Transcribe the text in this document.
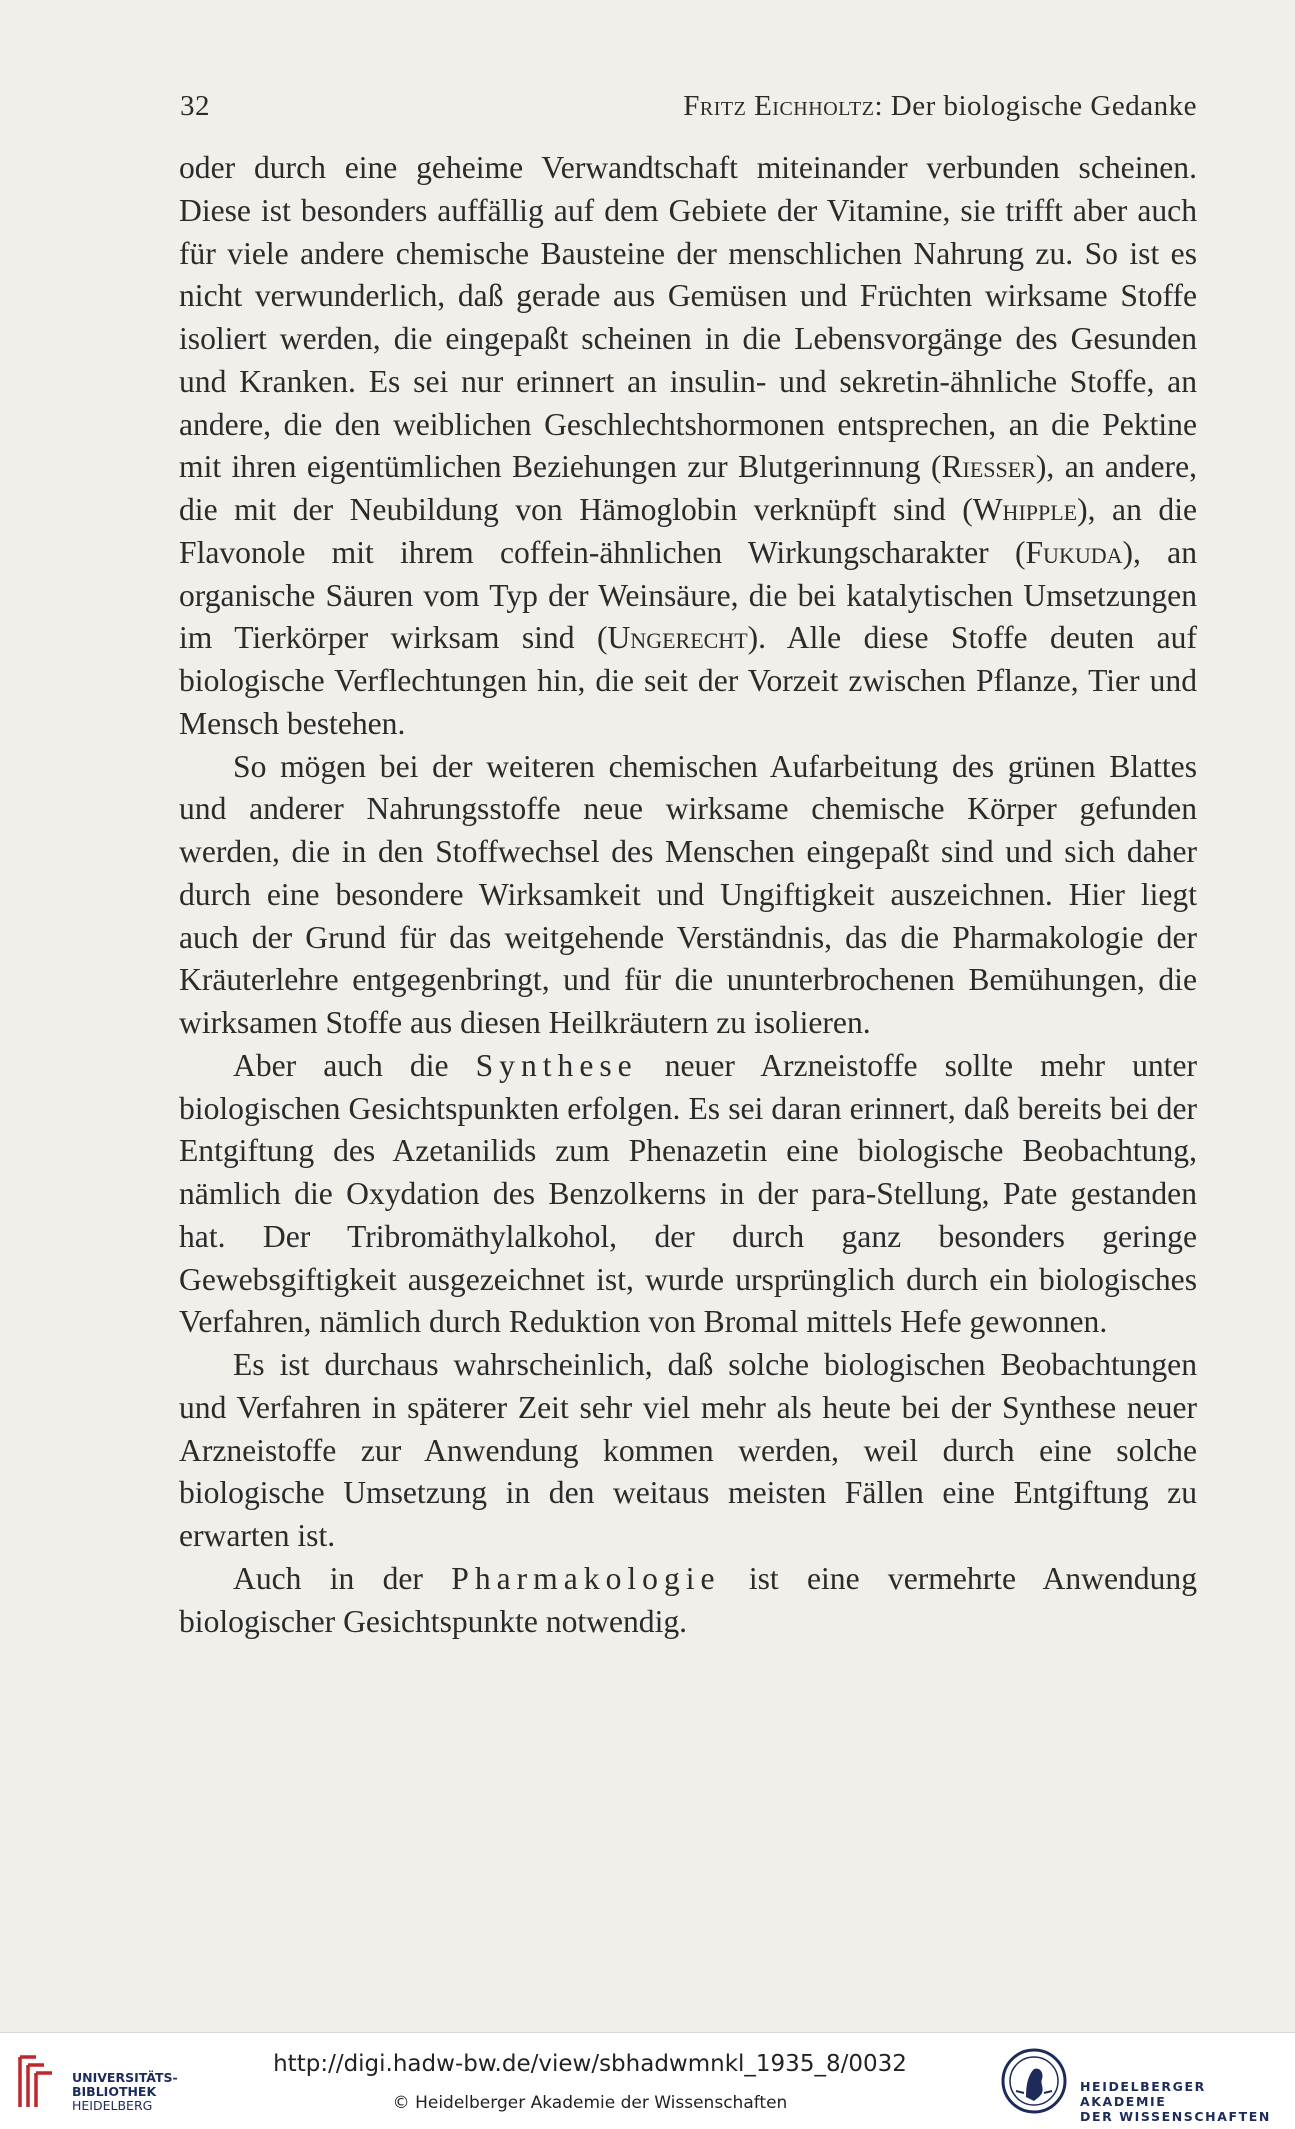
32	Fritz Eichholtz: Der biologische Gedanke

oder durch eine geheime Verwandtschaft miteinander verbunden scheinen. Diese ist besonders auffällig auf dem Gebiete der Vitamine, sie trifft aber auch für viele andere chemische Bausteine der menschlichen Nahrung zu. So ist es nicht verwunderlich, daß gerade aus Gemüsen und Früchten wirksame Stoffe isoliert werden, die eingepaßt scheinen in die Lebensvorgänge des Gesunden und Kranken. Es sei nur erinnert an insulin- und sekretin-ähnliche Stoffe, an andere, die den weiblichen Geschlechtshormonen entsprechen, an die Pektine mit ihren eigentümlichen Beziehungen zur Blutgerinnung (Riesser), an andere, die mit der Neubildung von Hämoglobin verknüpft sind (Whipple), an die Flavonole mit ihrem coffein-ähnlichen Wirkungscharakter (Fukuda), an organische Säuren vom Typ der Weinsäure, die bei katalytischen Umsetzungen im Tierkörper wirksam sind (Ungerecht). Alle diese Stoffe deuten auf biologische Verflechtungen hin, die seit der Vorzeit zwischen Pflanze, Tier und Mensch bestehen.

So mögen bei der weiteren chemischen Aufarbeitung des grünen Blattes und anderer Nahrungsstoffe neue wirksame chemische Körper gefunden werden, die in den Stoffwechsel des Menschen eingepaßt sind und sich daher durch eine besondere Wirksamkeit und Ungiftigkeit auszeichnen. Hier liegt auch der Grund für das weitgehende Verständnis, das die Pharmakologie der Kräuterlehre entgegenbringt, und für die ununterbrochenen Bemühungen, die wirksamen Stoffe aus diesen Heilkräutern zu isolieren.

Aber auch die Synthese neuer Arzneistoffe sollte mehr unter biologischen Gesichtspunkten erfolgen. Es sei daran erinnert, daß bereits bei der Entgiftung des Azetanilids zum Phenazetin eine biologische Beobachtung, nämlich die Oxydation des Benzolkerns in der para-Stellung, Pate gestanden hat. Der Tribromäthylalkohol, der durch ganz besonders geringe Gewebsgiftigkeit ausgezeichnet ist, wurde ursprünglich durch ein biologisches Verfahren, nämlich durch Reduktion von Bromal mittels Hefe gewonnen.

Es ist durchaus wahrscheinlich, daß solche biologischen Beobachtungen und Verfahren in späterer Zeit sehr viel mehr als heute bei der Synthese neuer Arzneistoffe zur Anwendung kommen werden, weil durch eine solche biologische Umsetzung in den weitaus meisten Fällen eine Entgiftung zu erwarten ist.

Auch in der Pharmakologie ist eine vermehrte Anwendung biologischer Gesichtspunkte notwendig.

UNIVERSITÄTS-
BIBLIOTHEK
HEIDELBERG
http://digi.hadw-bw.de/view/sbhadwmnkl_1935_8/0032
© Heidelberger Akademie der Wissenschaften
HEIDELBERGER AKADEMIE
DER WISSENSCHAFTEN
